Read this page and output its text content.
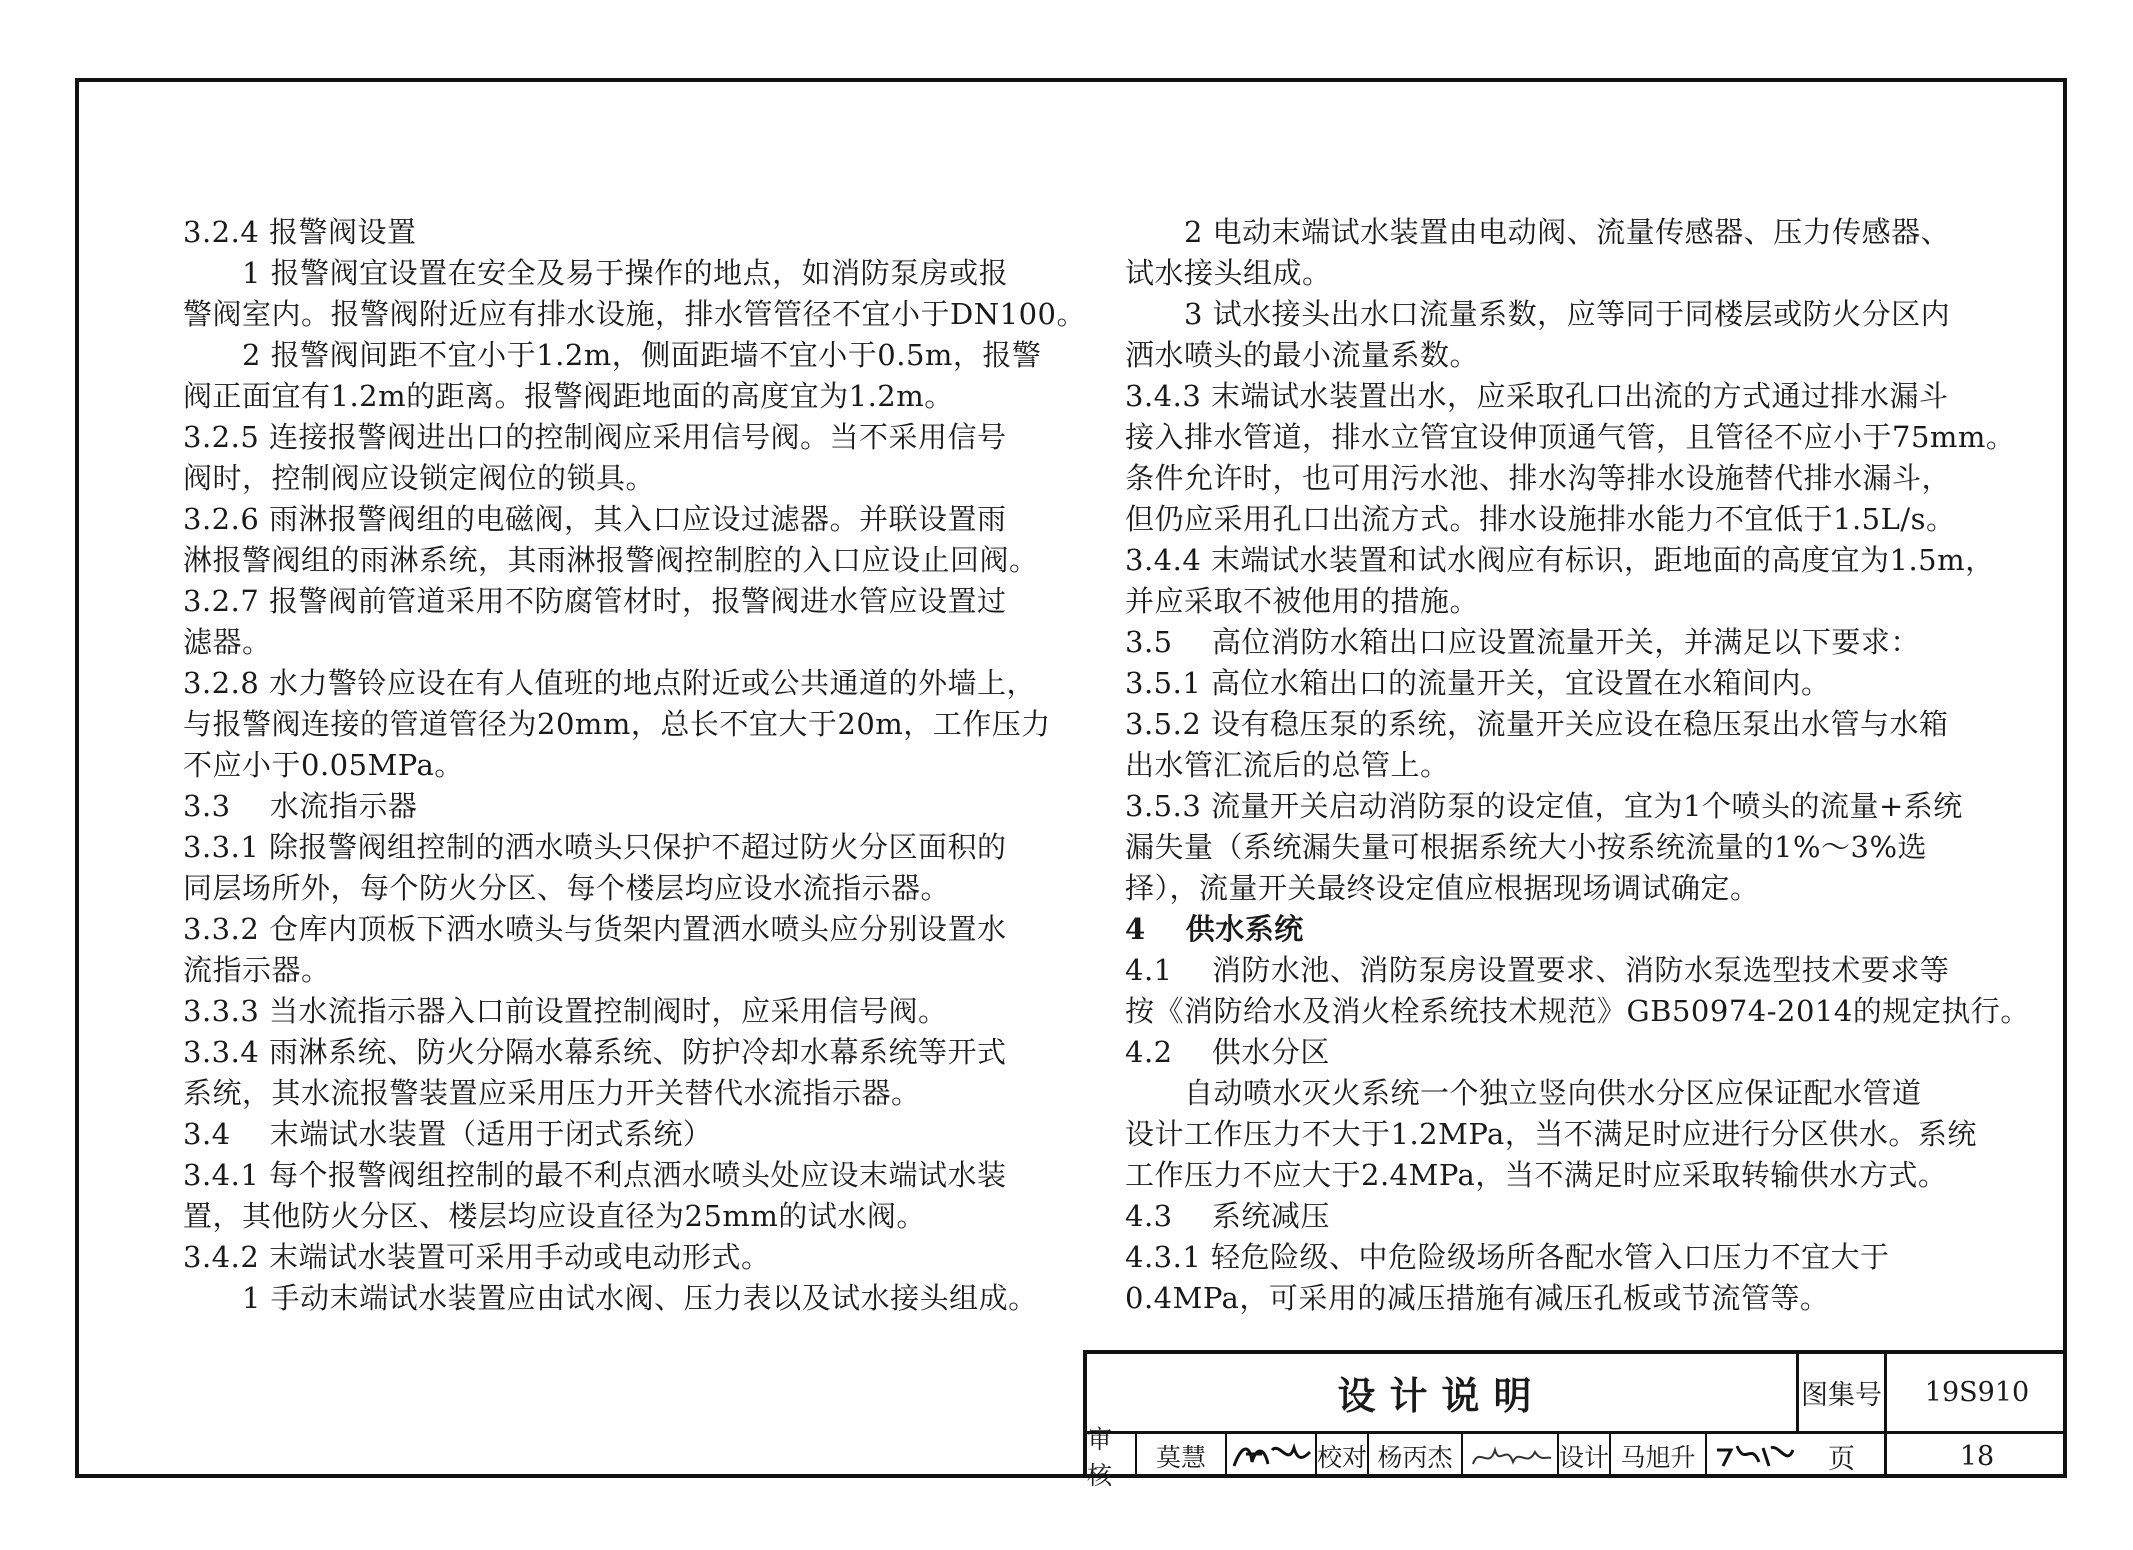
3.2.4 报警阀设置
1 报警阀宜设置在安全及易于操作的地点，如消防泵房或报
警阀室内。报警阀附近应有排水设施，排水管管径不宜小于DN100。
2 报警阀间距不宜小于1.2m，侧面距墙不宜小于0.5m，报警
阀正面宜有1.2m的距离。报警阀距地面的高度宜为1.2m。
3.2.5 连接报警阀进出口的控制阀应采用信号阀。当不采用信号
阀时，控制阀应设锁定阀位的锁具。
3.2.6 雨淋报警阀组的电磁阀，其入口应设过滤器。并联设置雨
淋报警阀组的雨淋系统，其雨淋报警阀控制腔的入口应设止回阀。
3.2.7 报警阀前管道采用不防腐管材时，报警阀进水管应设置过
滤器。
3.2.8 水力警铃应设在有人值班的地点附近或公共通道的外墙上，
与报警阀连接的管道管径为20mm，总长不宜大于20m，工作压力
不应小于0.05MPa。
3.3　 水流指示器
3.3.1 除报警阀组控制的洒水喷头只保护不超过防火分区面积的
同层场所外，每个防火分区、每个楼层均应设水流指示器。
3.3.2 仓库内顶板下洒水喷头与货架内置洒水喷头应分别设置水
流指示器。
3.3.3 当水流指示器入口前设置控制阀时，应采用信号阀。
3.3.4 雨淋系统、防火分隔水幕系统、防护冷却水幕系统等开式
系统，其水流报警装置应采用压力开关替代水流指示器。
3.4　 末端试水装置（适用于闭式系统）
3.4.1 每个报警阀组控制的最不利点洒水喷头处应设末端试水装
置，其他防火分区、楼层均应设直径为25mm的试水阀。
3.4.2 末端试水装置可采用手动或电动形式。
1 手动末端试水装置应由试水阀、压力表以及试水接头组成。
2 电动末端试水装置由电动阀、流量传感器、压力传感器、
试水接头组成。
3 试水接头出水口流量系数，应等同于同楼层或防火分区内
洒水喷头的最小流量系数。
3.4.3 末端试水装置出水，应采取孔口出流的方式通过排水漏斗
接入排水管道，排水立管宜设伸顶通气管，且管径不应小于75mm。
条件允许时，也可用污水池、排水沟等排水设施替代排水漏斗，
但仍应采用孔口出流方式。排水设施排水能力不宜低于1.5L/s。
3.4.4 末端试水装置和试水阀应有标识，距地面的高度宜为1.5m，
并应采取不被他用的措施。
3.5　 高位消防水箱出口应设置流量开关，并满足以下要求：
3.5.1 高位水箱出口的流量开关，宜设置在水箱间内。
3.5.2 设有稳压泵的系统，流量开关应设在稳压泵出水管与水箱
出水管汇流后的总管上。
3.5.3 流量开关启动消防泵的设定值，宜为1个喷头的流量+系统
漏失量（系统漏失量可根据系统大小按系统流量的1%～3%选
择），流量开关最终设定值应根据现场调试确定。
4　 供水系统
4.1　 消防水池、消防泵房设置要求、消防水泵选型技术要求等
按《消防给水及消火栓系统技术规范》GB50974-2014的规定执行。
4.2　 供水分区
自动喷水灭火系统一个独立竖向供水分区应保证配水管道
设计工作压力不大于1.2MPa，当不满足时应进行分区供水。系统
工作压力不应大于2.4MPa，当不满足时应采取转输供水方式。
4.3　 系统减压
4.3.1 轻危险级、中危险级场所各配水管入口压力不宜大于
0.4MPa，可采用的减压措施有减压孔板或节流管等。
设计说明	图集号	19S910
页	18
审核
莫慧	校对 杨丙杰	设计 马旭升
